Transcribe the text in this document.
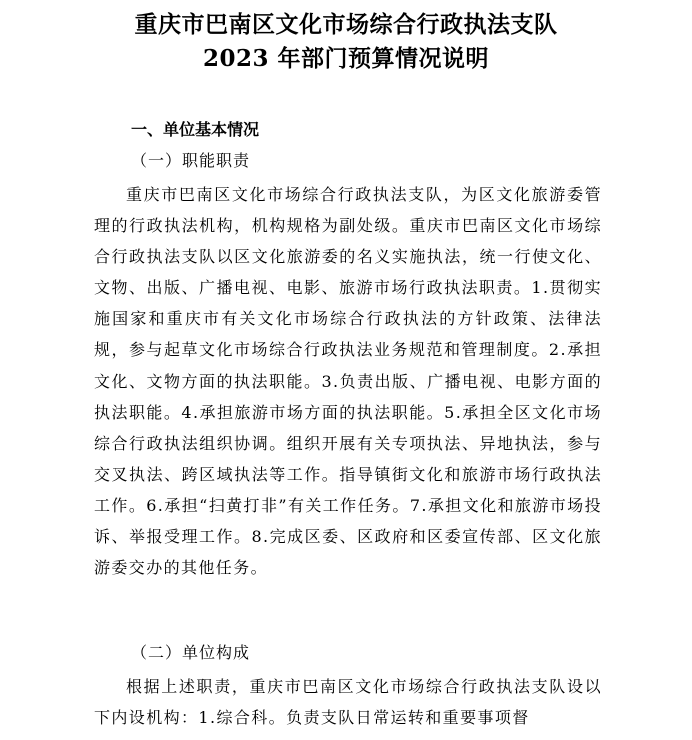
重庆市巴南区文化市场综合行政执法支队
2023 年部门预算情况说明
一、单位基本情况
（一）职能职责

重庆市巴南区文化市场综合行政执法支队，为区文化旅游委管理的行政执法机构，机构规格为副处级。重庆市巴南区文化市场综合行政执法支队以区文化旅游委的名义实施执法，统一行使文化、文物、出版、广播电视、电影、旅游市场行政执法职责。1.贯彻实施国家和重庆市有关文化市场综合行政执法的方针政策、法律法规，参与起草文化市场综合行政执法业务规范和管理制度。2.承担文化、文物方面的执法职能。3.负责出版、广播电视、电影方面的执法职能。4.承担旅游市场方面的执法职能。5.承担全区文化市场综合行政执法组织协调。组织开展有关专项执法、异地执法，参与交叉执法、跨区域执法等工作。指导镇街文化和旅游市场行政执法工作。6.承担“扫黄打非”有关工作任务。7.承担文化和旅游市场投诉、举报受理工作。8.完成区委、区政府和区委宣传部、区文化旅游委交办的其他任务。

（二）单位构成

根据上述职责，重庆市巴南区文化市场综合行政执法支队设以下内设机构：1.综合科。负责支队日常运转和重要事项督
